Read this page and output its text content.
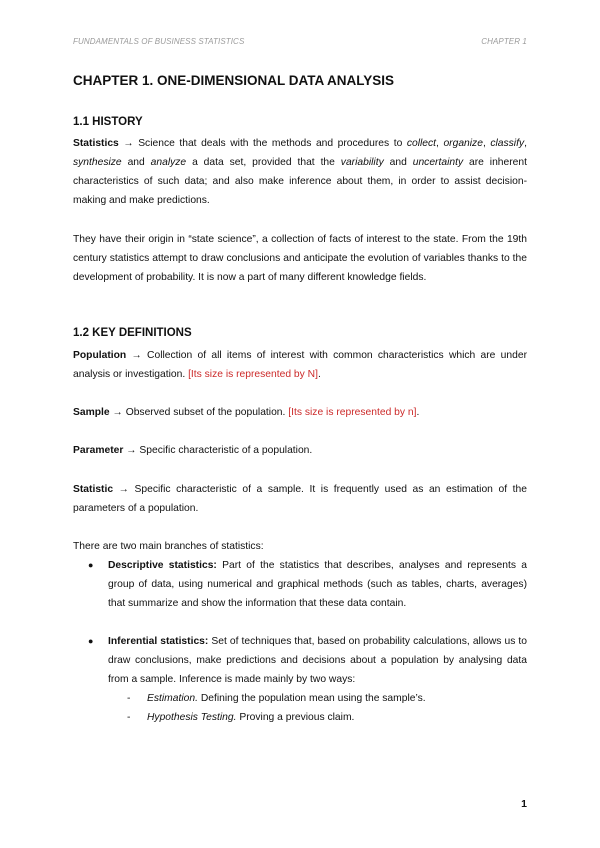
FUNDAMENTALS OF BUSINESS STATISTICS	CHAPTER 1
CHAPTER 1. ONE-DIMENSIONAL DATA ANALYSIS
1.1 HISTORY

Statistics → Science that deals with the methods and procedures to collect, organize, classify, synthesize and analyze a data set, provided that the variability and uncertainty are inherent characteristics of such data; and also make inference about them, in order to assist decision-making and make predictions.

They have their origin in “state science”, a collection of facts of interest to the state. From the 19th century statistics attempt to draw conclusions and anticipate the evolution of variables thanks to the development of probability. It is now a part of many different knowledge fields.

1.2 KEY DEFINITIONS

Population → Collection of all items of interest with common characteristics which are under analysis or investigation. [Its size is represented by N].

Sample → Observed subset of the population. [Its size is represented by n].

Parameter → Specific characteristic of a population.

Statistic → Specific characteristic of a sample. It is frequently used as an estimation of the parameters of a population.

There are two main branches of statistics:

● Descriptive statistics: Part of the statistics that describes, analyses and represents a group of data, using numerical and graphical methods (such as tables, charts, averages) that summarize and show the information that these data contain.
● Inferential statistics: Set of techniques that, based on probability calculations, allows us to draw conclusions, make predictions and decisions about a population by analysing data from a sample. Inference is made mainly by two ways:
- Estimation. Defining the population mean using the sample’s.
- Hypothesis Testing. Proving a previous claim.
1
